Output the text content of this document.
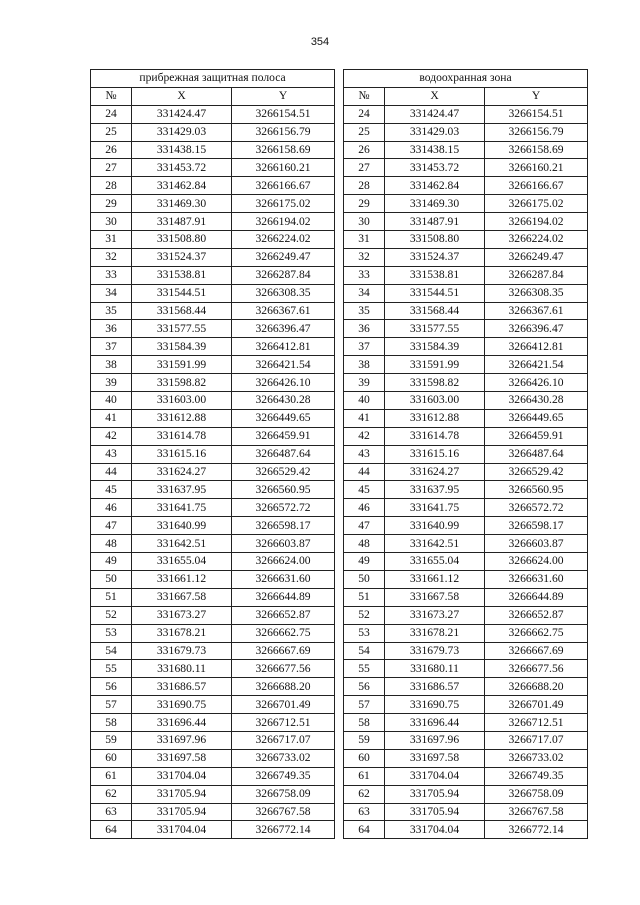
354
прибрежная защитная полоса		
№	X	Y
24	331424.47	3266154.51
25	331429.03	3266156.79
26	331438.15	3266158.69
27	331453.72	3266160.21
28	331462.84	3266166.67
29	331469.30	3266175.02
30	331487.91	3266194.02
31	331508.80	3266224.02
32	331524.37	3266249.47
33	331538.81	3266287.84
34	331544.51	3266308.35
35	331568.44	3266367.61
36	331577.55	3266396.47
37	331584.39	3266412.81
38	331591.99	3266421.54
39	331598.82	3266426.10
40	331603.00	3266430.28
41	331612.88	3266449.65
42	331614.78	3266459.91
43	331615.16	3266487.64
44	331624.27	3266529.42
45	331637.95	3266560.95
46	331641.75	3266572.72
47	331640.99	3266598.17
48	331642.51	3266603.87
49	331655.04	3266624.00
50	331661.12	3266631.60
51	331667.58	3266644.89
52	331673.27	3266652.87
53	331678.21	3266662.75
54	331679.73	3266667.69
55	331680.11	3266677.56
56	331686.57	3266688.20
57	331690.75	3266701.49
58	331696.44	3266712.51
59	331697.96	3266717.07
60	331697.58	3266733.02
61	331704.04	3266749.35
62	331705.94	3266758.09
63	331705.94	3266767.58
64	331704.04	3266772.14
водоохранная зона		
№	X	Y
24	331424.47	3266154.51
25	331429.03	3266156.79
26	331438.15	3266158.69
27	331453.72	3266160.21
28	331462.84	3266166.67
29	331469.30	3266175.02
30	331487.91	3266194.02
31	331508.80	3266224.02
32	331524.37	3266249.47
33	331538.81	3266287.84
34	331544.51	3266308.35
35	331568.44	3266367.61
36	331577.55	3266396.47
37	331584.39	3266412.81
38	331591.99	3266421.54
39	331598.82	3266426.10
40	331603.00	3266430.28
41	331612.88	3266449.65
42	331614.78	3266459.91
43	331615.16	3266487.64
44	331624.27	3266529.42
45	331637.95	3266560.95
46	331641.75	3266572.72
47	331640.99	3266598.17
48	331642.51	3266603.87
49	331655.04	3266624.00
50	331661.12	3266631.60
51	331667.58	3266644.89
52	331673.27	3266652.87
53	331678.21	3266662.75
54	331679.73	3266667.69
55	331680.11	3266677.56
56	331686.57	3266688.20
57	331690.75	3266701.49
58	331696.44	3266712.51
59	331697.96	3266717.07
60	331697.58	3266733.02
61	331704.04	3266749.35
62	331705.94	3266758.09
63	331705.94	3266767.58
64	331704.04	3266772.14
